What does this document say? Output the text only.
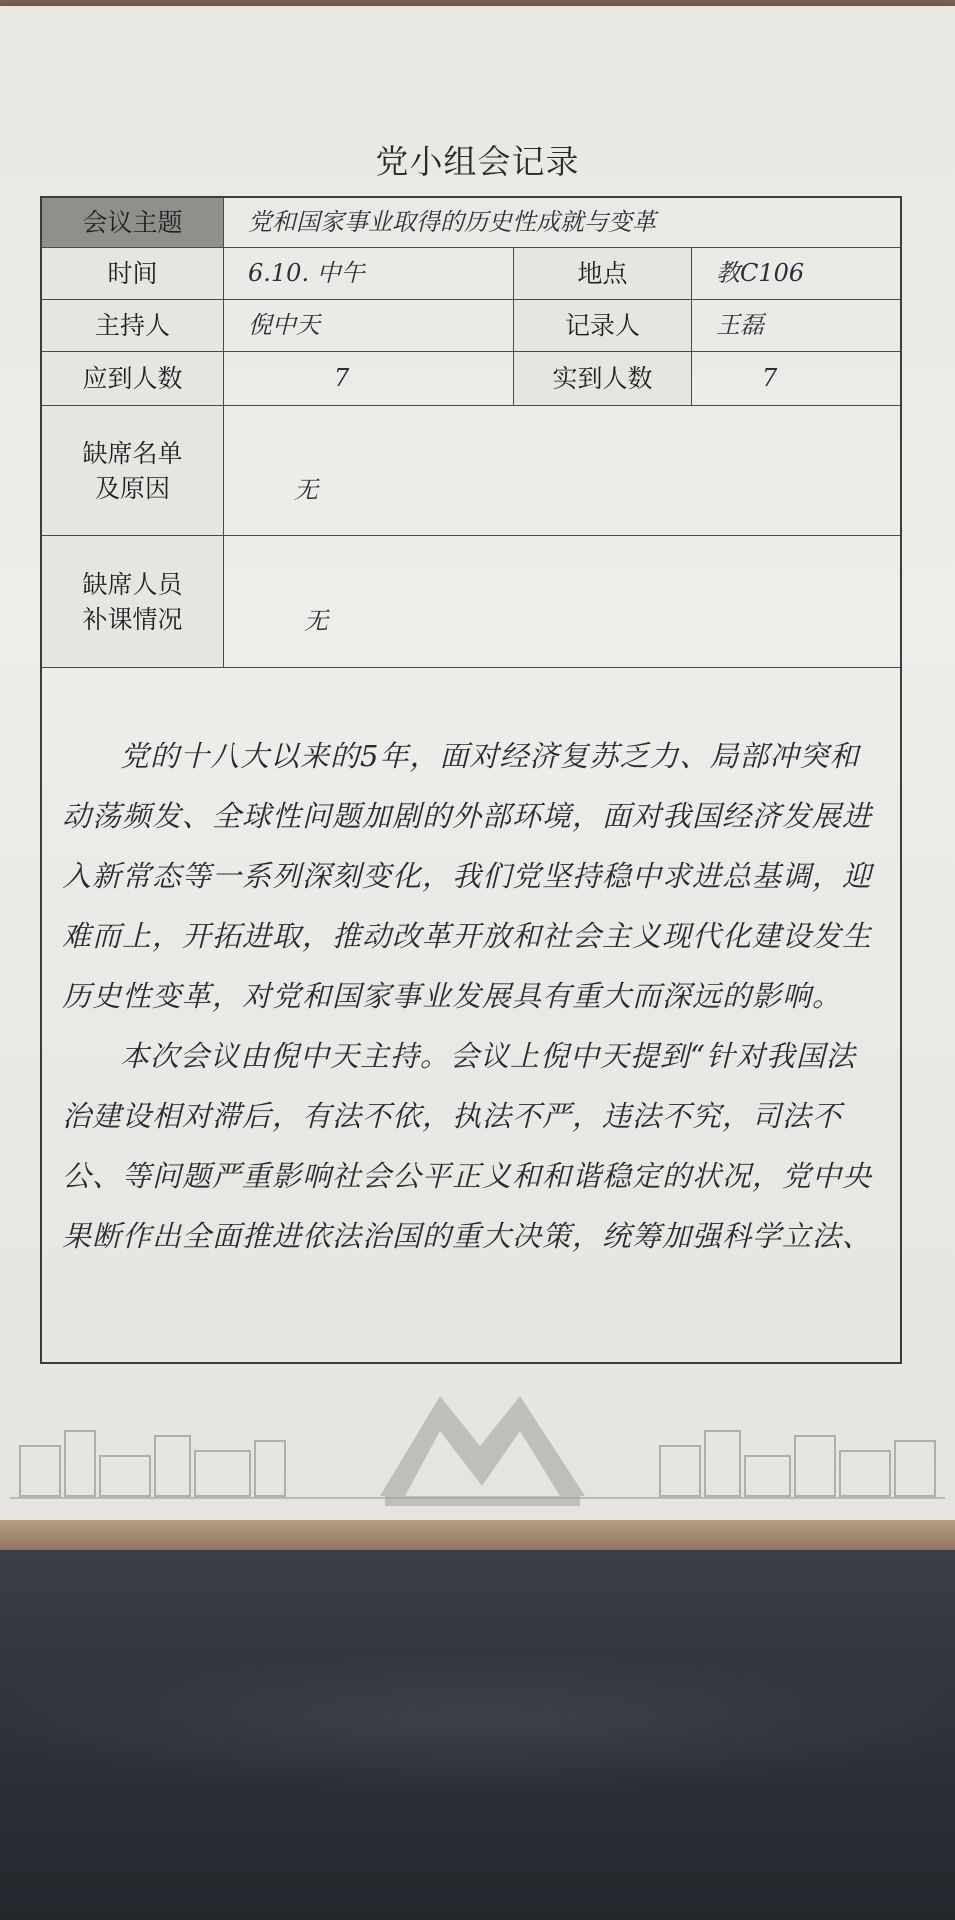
党小组会记录
会议主题	党和国家事业取得的历史性成就与变革
时间	6.10. 中午	地点	教C106
主持人	倪中天	记录人	王磊
应到人数	7	实到人数	7
缺席名单
及原因	无
缺席人员
补课情况	无

党的十八大以来的5年，面对经济复苏乏力、局部冲突和动荡频发、全球性问题加剧的外部环境，面对我国经济发展进入新常态等一系列深刻变化，我们党坚持稳中求进总基调，迎难而上，开拓进取，推动改革开放和社会主义现代化建设发生历史性变革，对党和国家事业发展具有重大而深远的影响。

本次会议由倪中天主持。会议上倪中天提到“针对我国法治建设相对滞后，有法不依，执法不严，违法不究，司法不公、等问题严重影响社会公平正义和和谐稳定的状况，党中央果断作出全面推进依法治国的重大决策，统筹加强科学立法、
